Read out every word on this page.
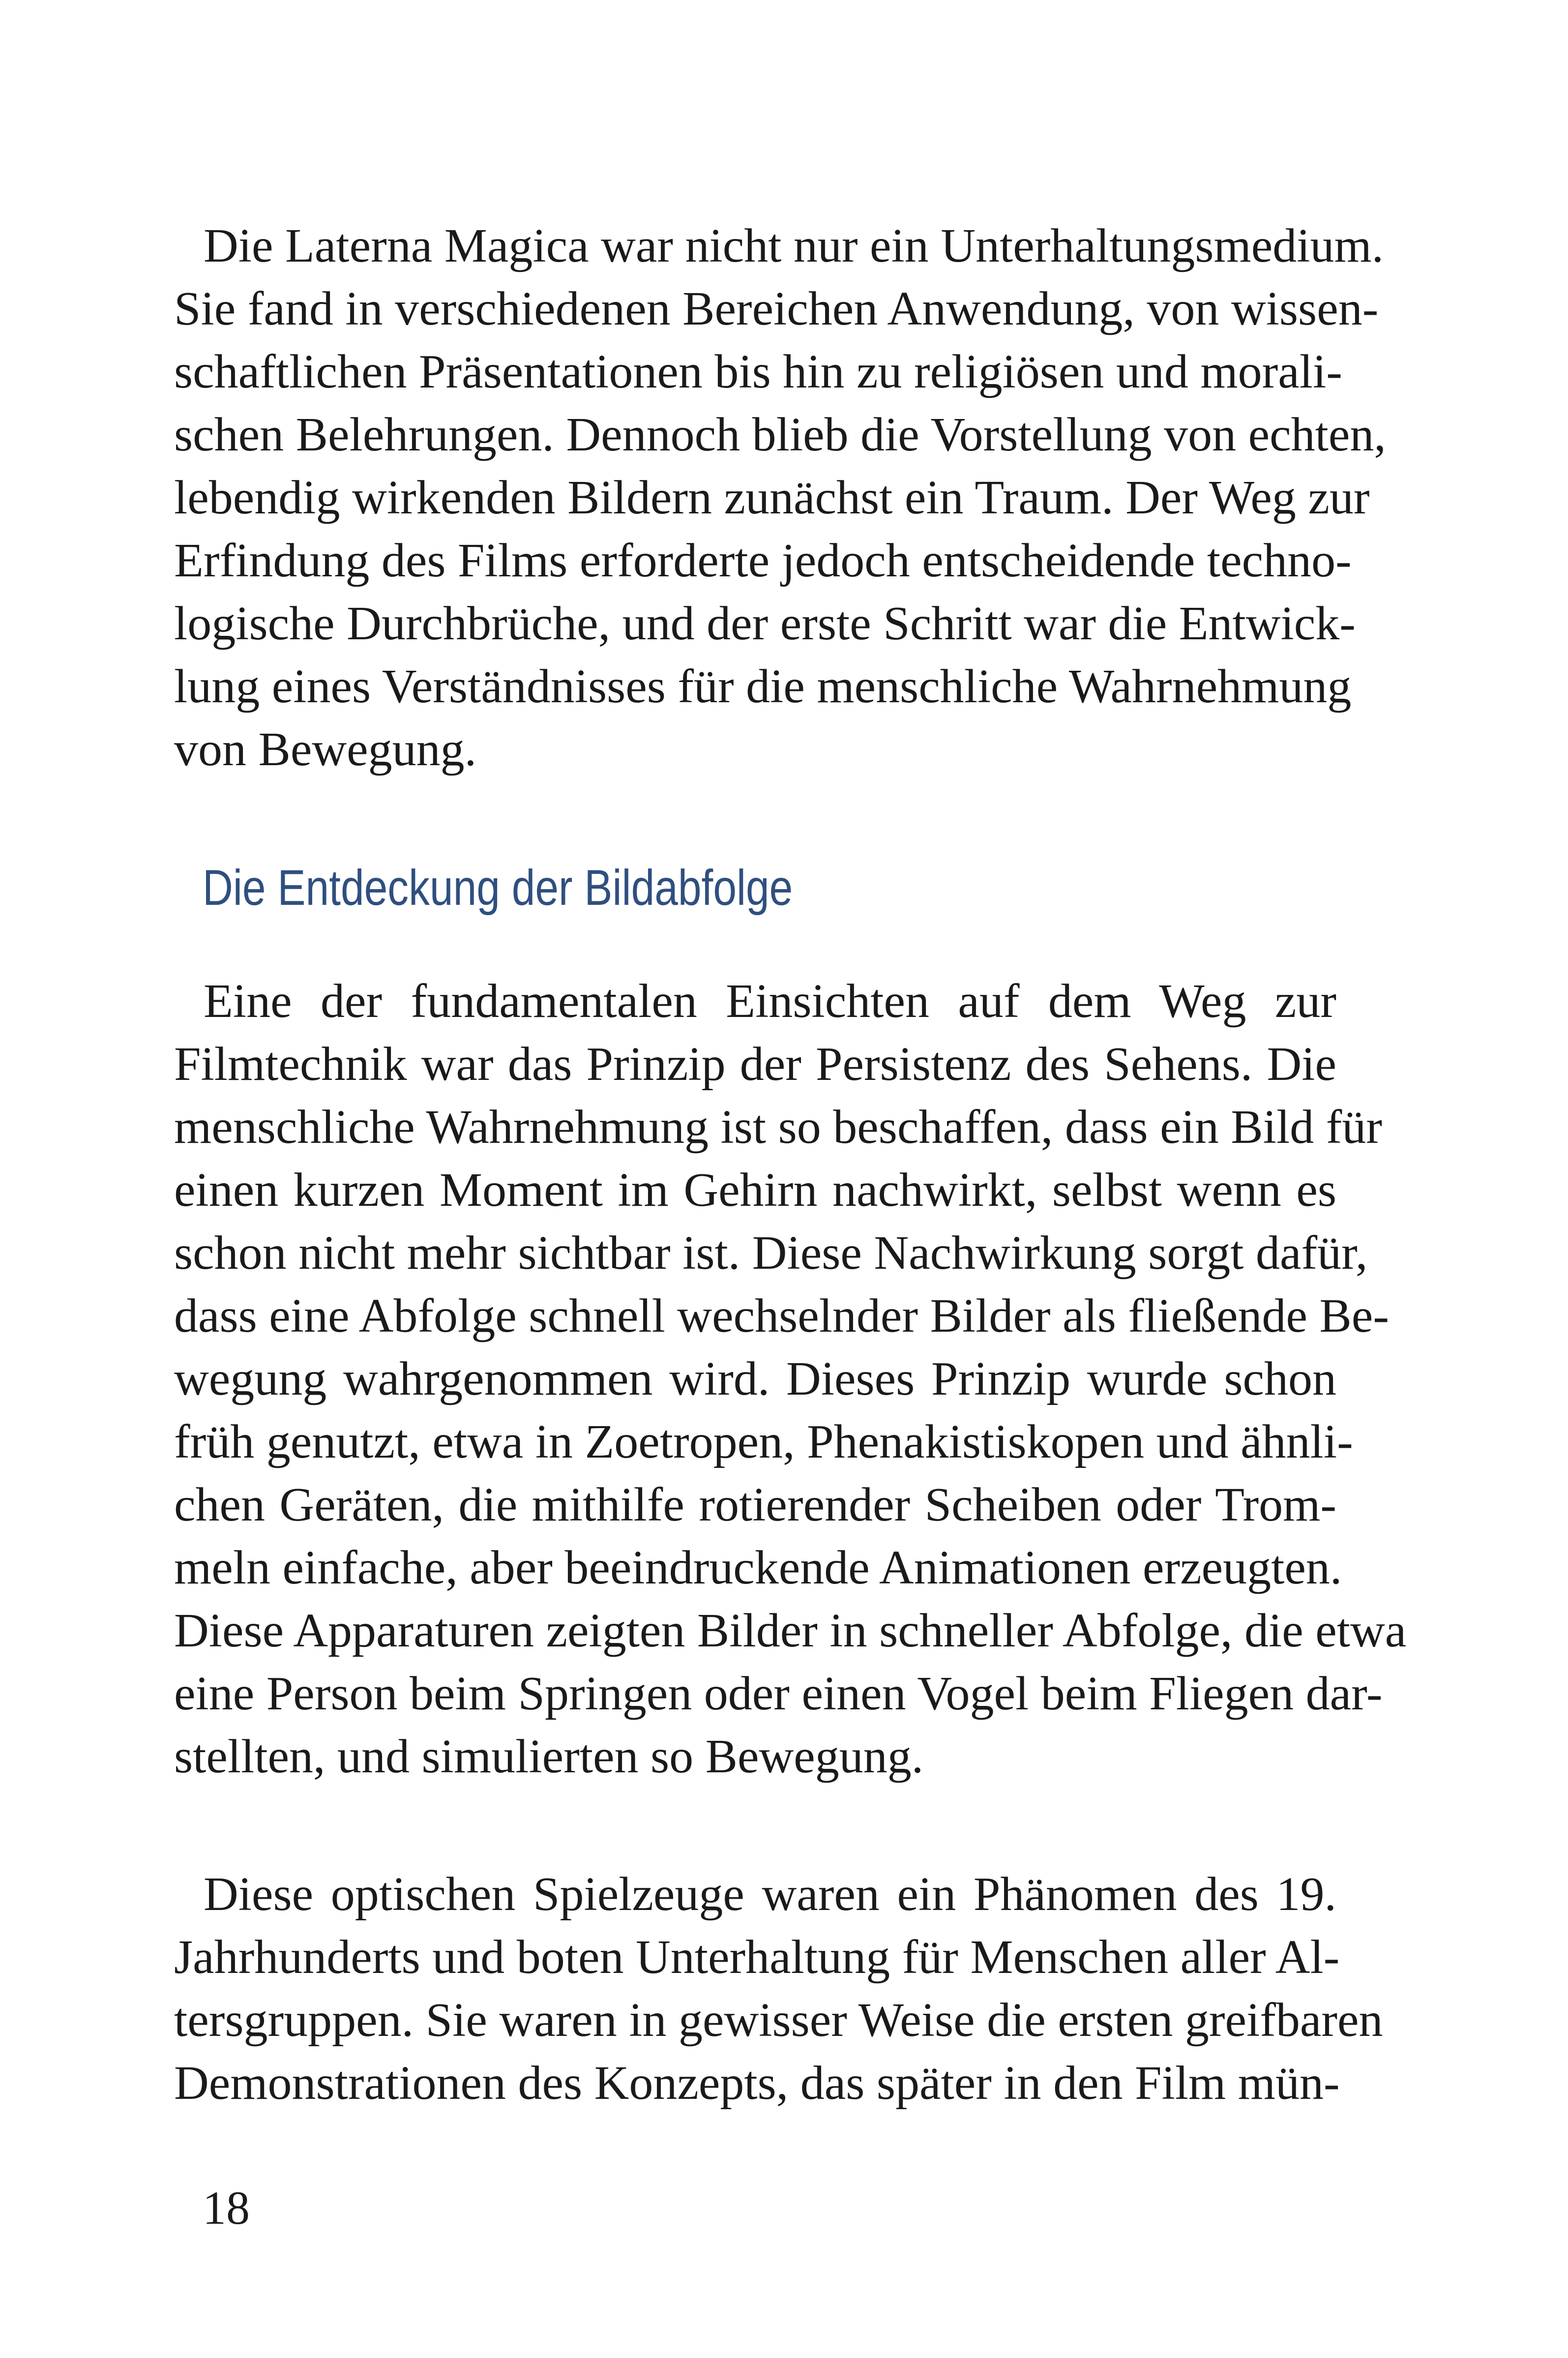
Die Laterna Magica war nicht nur ein Unterhaltungsmedium.
Sie fand in verschiedenen Bereichen Anwendung, von wissen-
schaftlichen Präsentationen bis hin zu religiösen und morali-
schen Belehrungen. Dennoch blieb die Vorstellung von echten,
lebendig wirkenden Bildern zunächst ein Traum. Der Weg zur
Erfindung des Films erforderte jedoch entscheidende techno-
logische Durchbrüche, und der erste Schritt war die Entwick-
lung eines Verständnisses für die menschliche Wahrnehmung
von Bewegung.
Die Entdeckung der Bildabfolge
Eine der fundamentalen Einsichten auf dem Weg zur
Filmtechnik war das Prinzip der Persistenz des Sehens. Die
menschliche Wahrnehmung ist so beschaffen, dass ein Bild für
einen kurzen Moment im Gehirn nachwirkt, selbst wenn es
schon nicht mehr sichtbar ist. Diese Nachwirkung sorgt dafür,
dass eine Abfolge schnell wechselnder Bilder als fließende Be-
wegung wahrgenommen wird. Dieses Prinzip wurde schon
früh genutzt, etwa in Zoetropen, Phenakistiskopen und ähnli-
chen Geräten, die mithilfe rotierender Scheiben oder Trom-
meln einfache, aber beeindruckende Animationen erzeugten.
Diese Apparaturen zeigten Bilder in schneller Abfolge, die etwa
eine Person beim Springen oder einen Vogel beim Fliegen dar-
stellten, und simulierten so Bewegung.
Diese optischen Spielzeuge waren ein Phänomen des 19.
Jahrhunderts und boten Unterhaltung für Menschen aller Al-
tersgruppen. Sie waren in gewisser Weise die ersten greifbaren
Demonstrationen des Konzepts, das später in den Film mün-
18
